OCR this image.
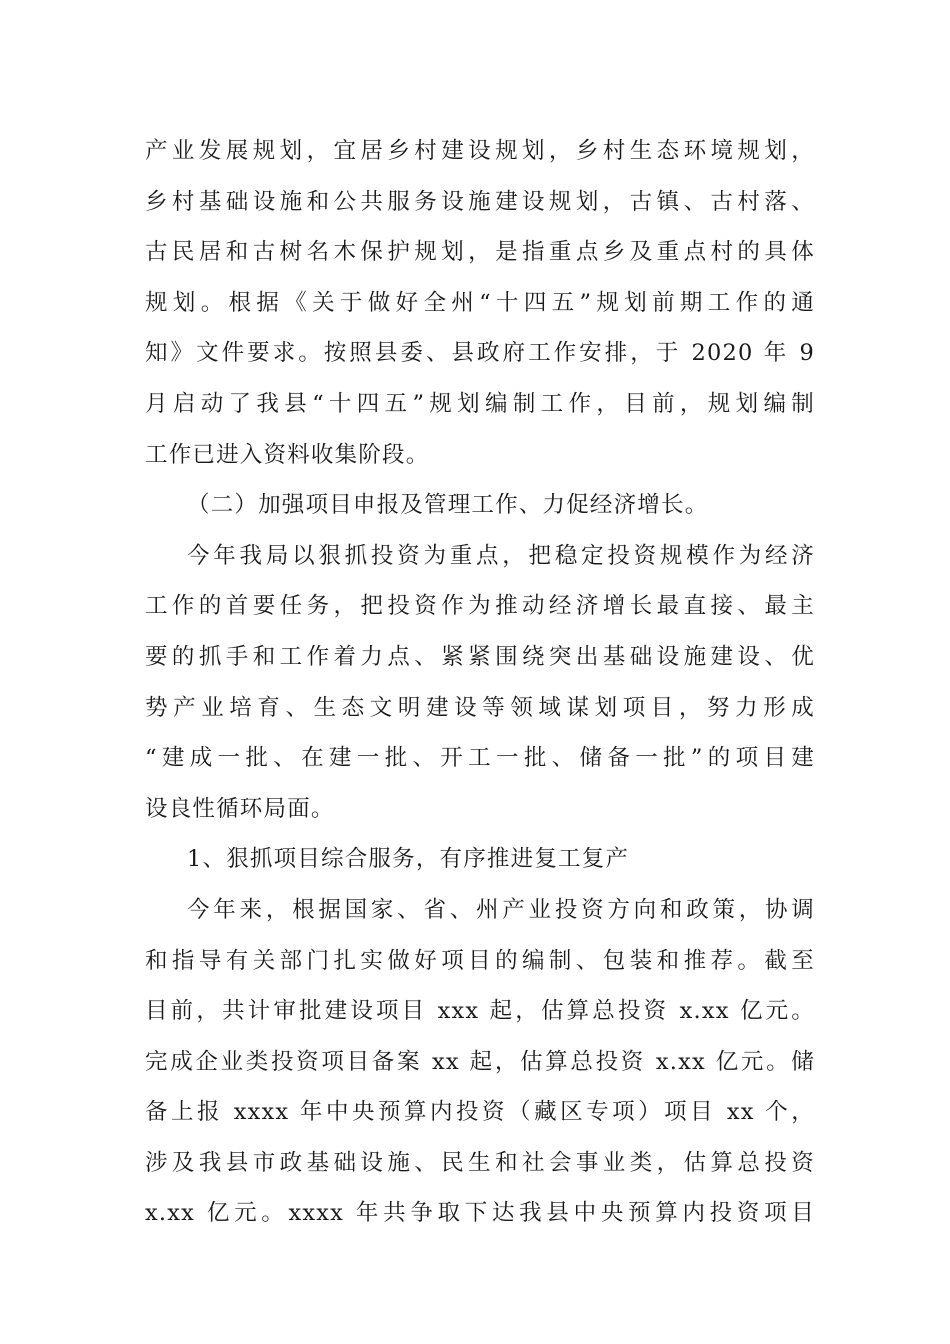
产业发展规划，宜居乡村建设规划，乡村生态环境规划，
乡村基础设施和公共服务设施建设规划，古镇、古村落、
古民居和古树名木保护规划，是指重点乡及重点村的具体
规划。根据《关于做好全州“十四五”规划前期工作的通
知》文件要求。按照县委、县政府工作安排，于 2020 年 9
月启动了我县“十四五”规划编制工作，目前，规划编制
工作已进入资料收集阶段。
（二）加强项目申报及管理工作、力促经济增长。
今年我局以狠抓投资为重点，把稳定投资规模作为经济
工作的首要任务，把投资作为推动经济增长最直接、最主
要的抓手和工作着力点、紧紧围绕突出基础设施建设、优
势产业培育、生态文明建设等领域谋划项目，努力形成
“建成一批、在建一批、开工一批、储备一批”的项目建
设良性循环局面。
1、狠抓项目综合服务，有序推进复工复产
今年来，根据国家、省、州产业投资方向和政策，协调
和指导有关部门扎实做好项目的编制、包装和推荐。截至
目前，共计审批建设项目 xxx 起，估算总投资 x.xx 亿元。
完成企业类投资项目备案 xx 起，估算总投资 x.xx 亿元。储
备上报 xxxx 年中央预算内投资（藏区专项）项目 xx 个，
涉及我县市政基础设施、民生和社会事业类，估算总投资
x.xx 亿元。xxxx 年共争取下达我县中央预算内投资项目
